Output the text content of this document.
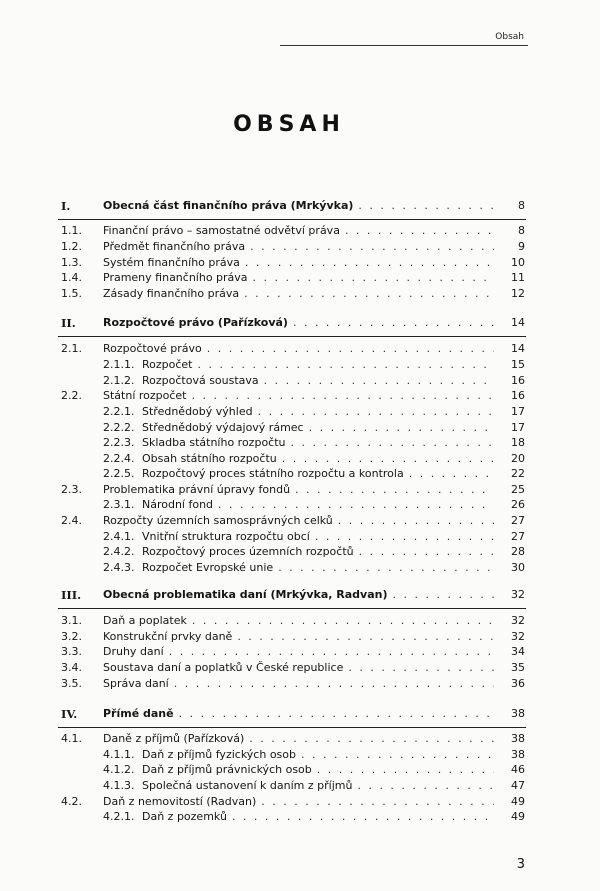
Obsah
OBSAH
I.	Obecná část finančního práva (Mrkývka) . . .	8
1.1. Finanční právo – samostatné odvětví práva . . .	8
1.2. Předmět finančního práva . . .	9
1.3. Systém finančního práva . . .	10
1.4. Prameny finančního práva . . .	11
1.5. Zásady finančního práva . . .	12
II. Rozpočtové právo (Pařízková) . . .	14
2.1. Rozpočtové právo . . .	14
2.1.1. Rozpočet . . .	15
2.1.2. Rozpočtová soustava . . .	16
2.2. Státní rozpočet . . .	16
2.2.1. Střednědobý výhled . . .	17
2.2.2. Střednědobý výdajový rámec . . .	17
2.2.3. Skladba státního rozpočtu . . .	18
2.2.4. Obsah státního rozpočtu . . .	20
2.2.5. Rozpočtový proces státního rozpočtu a kontrola . . .	22
2.3. Problematika právní úpravy fondů . . .	25
2.3.1. Národní fond . . .	26
2.4. Rozpočty územních samosprávných celků . . .	27
2.4.1. Vnitřní struktura rozpočtu obcí . . .	27
2.4.2. Rozpočtový proces územních rozpočtů . . .	28
2.4.3. Rozpočet Evropské unie . . .	30
III. Obecná problematika daní (Mrkývka, Radvan) . . .	32
3.1. Daň a poplatek . . .	32
3.2. Konstrukční prvky daně . . .	32
3.3. Druhy daní . . .	34
3.4. Soustava daní a poplatků v České republice . . .	35
3.5. Správa daní . . .	36
IV. Přímé daně . . .	38
4.1. Daně z příjmů (Pařízková) . . .	38
4.1.1. Daň z příjmů fyzických osob . . .	38
4.1.2. Daň z příjmů právnických osob . . .	46
4.1.3. Společná ustanovení k daním z příjmů . . .	47
4.2. Daň z nemovitostí (Radvan) . . .	49
4.2.1. Daň z pozemků . . .	49
3
